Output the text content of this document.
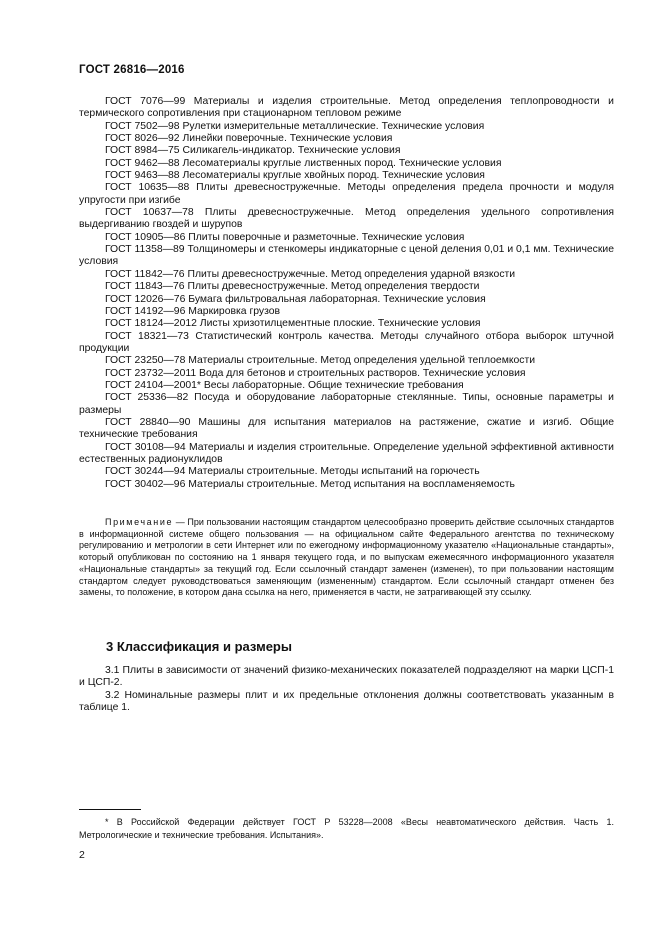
ГОСТ 26816—2016

ГОСТ 7076—99 Материалы и изделия строительные. Метод определения теплопроводности и термического сопротивления при стационарном тепловом режиме

ГОСТ 7502—98 Рулетки измерительные металлические. Технические условия

ГОСТ 8026—92 Линейки поверочные. Технические условия

ГОСТ 8984—75 Силикагель-индикатор. Технические условия

ГОСТ 9462—88 Лесоматериалы круглые лиственных пород. Технические условия

ГОСТ 9463—88 Лесоматериалы круглые хвойных пород. Технические условия

ГОСТ 10635—88 Плиты древесностружечные. Методы определения предела прочности и модуля упругости при изгибе

ГОСТ 10637—78 Плиты древесностружечные. Метод определения удельного сопротивления выдергиванию гвоздей и шурупов

ГОСТ 10905—86 Плиты поверочные и разметочные. Технические условия

ГОСТ 11358—89 Толщиномеры и стенкомеры индикаторные с ценой деления 0,01 и 0,1 мм. Технические условия

ГОСТ 11842—76 Плиты древесностружечные. Метод определения ударной вязкости

ГОСТ 11843—76 Плиты древесностружечные. Метод определения твердости

ГОСТ 12026—76 Бумага фильтровальная лабораторная. Технические условия

ГОСТ 14192—96 Маркировка грузов

ГОСТ 18124—2012 Листы хризотилцементные плоские. Технические условия

ГОСТ 18321—73 Статистический контроль качества. Методы случайного отбора выборок штучной продукции

ГОСТ 23250—78 Материалы строительные. Метод определения удельной теплоемкости

ГОСТ 23732—2011 Вода для бетонов и строительных растворов. Технические условия

ГОСТ 24104—2001* Весы лабораторные. Общие технические требования

ГОСТ 25336—82 Посуда и оборудование лабораторные стеклянные. Типы, основные параметры и размеры

ГОСТ 28840—90 Машины для испытания материалов на растяжение, сжатие и изгиб. Общие технические требования

ГОСТ 30108—94 Материалы и изделия строительные. Определение удельной эффективной активности естественных радионуклидов

ГОСТ 30244—94 Материалы строительные. Методы испытаний на горючесть

ГОСТ 30402—96 Материалы строительные. Метод испытания на воспламеняемость

Примечание — При пользовании настоящим стандартом целесообразно проверить действие ссылочных стандартов в информационной системе общего пользования — на официальном сайте Федерального агентства по техническому регулированию и метрологии в сети Интернет или по ежегодному информационному указателю «Национальные стандарты», который опубликован по состоянию на 1 января текущего года, и по выпускам ежемесячного информационного указателя «Национальные стандарты» за текущий год. Если ссылочный стандарт заменен (изменен), то при пользовании настоящим стандартом следует руководствоваться заменяющим (измененным) стандартом. Если ссылочный стандарт отменен без замены, то положение, в котором дана ссылка на него, применяется в части, не затрагивающей эту ссылку.

3 Классификация и размеры

3.1 Плиты в зависимости от значений физико-механических показателей подразделяют на марки ЦСП-1 и ЦСП-2.

3.2 Номинальные размеры плит и их предельные отклонения должны соответствовать указанным в таблице 1.

* В Российской Федерации действует ГОСТ Р 53228—2008 «Весы неавтоматического действия. Часть 1. Метрологические и технические требования. Испытания».

2
